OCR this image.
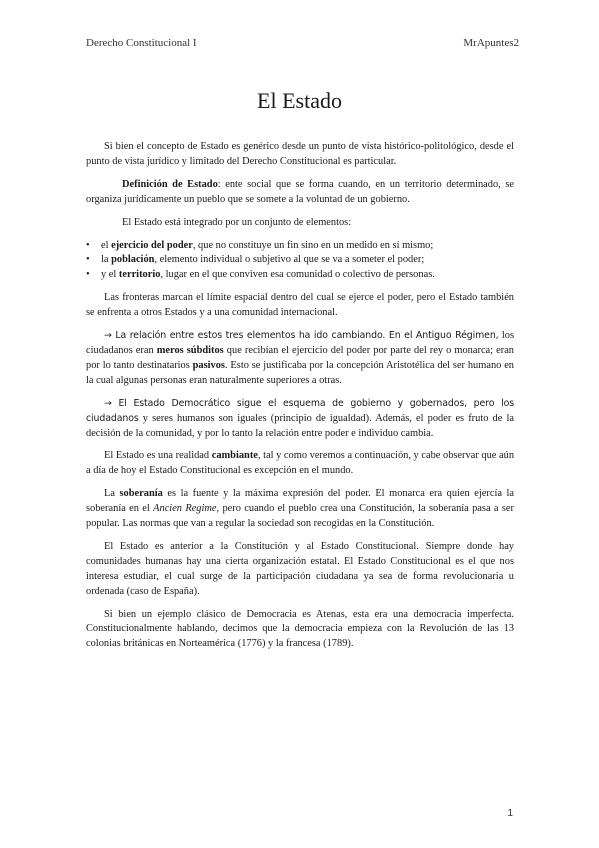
Derecho Constitucional I	MrApuntes2
El Estado

Si bien el concepto de Estado es genérico desde un punto de vista histórico-politológico, desde el punto de vista jurídico y limitado del Derecho Constitucional es particular.

Definición de Estado: ente social que se forma cuando, en un territorio determinado, se organiza jurídicamente un pueblo que se somete a la voluntad de un gobierno.

El Estado está integrado por un conjunto de elementos:

• el ejercicio del poder, que no constituye un fin sino en un medido en sí mismo;
• la población, elemento individual o subjetivo al que se va a someter el poder;
• y el territorio, lugar en el que conviven esa comunidad o colectivo de personas.

Las fronteras marcan el límite espacial dentro del cual se ejerce el poder, pero el Estado también se enfrenta a otros Estados y a una comunidad internacional.

→ La relación entre estos tres elementos ha ido cambiando. En el Antiguo Régimen, los ciudadanos eran meros súbditos que recibían el ejercicio del poder por parte del rey o monarca; eran por lo tanto destinatarios pasivos. Esto se justificaba por la concepción Aristotélica del ser humano en la cual algunas personas eran naturalmente superiores a otras.

→ El Estado Democrático sigue el esquema de gobierno y gobernados, pero los ciudadanos y seres humanos son iguales (principio de igualdad). Además, el poder es fruto de la decisión de la comunidad, y por lo tanto la relación entre poder e individuo cambia.

El Estado es una realidad cambiante, tal y como veremos a continuación, y cabe observar que aún a día de hoy el Estado Constitucional es excepción en el mundo.

La soberanía es la fuente y la máxima expresión del poder. El monarca era quien ejercía la soberanía en el Ancien Regime, pero cuando el pueblo crea una Constitución, la soberanía pasa a ser popular. Las normas que van a regular la sociedad son recogidas en la Constitución.

El Estado es anterior a la Constitución y al Estado Constitucional. Siempre donde hay comunidades humanas hay una cierta organización estatal. El Estado Constitucional es el que nos interesa estudiar, el cual surge de la participación ciudadana ya sea de forma revolucionaria u ordenada (caso de España).

Si bien un ejemplo clásico de Democracia es Atenas, esta era una democracia imperfecta. Constitucionalmente hablando, decimos que la democracia empieza con la Revolución de las 13 colonias británicas en Norteamérica (1776) y la francesa (1789).

1
